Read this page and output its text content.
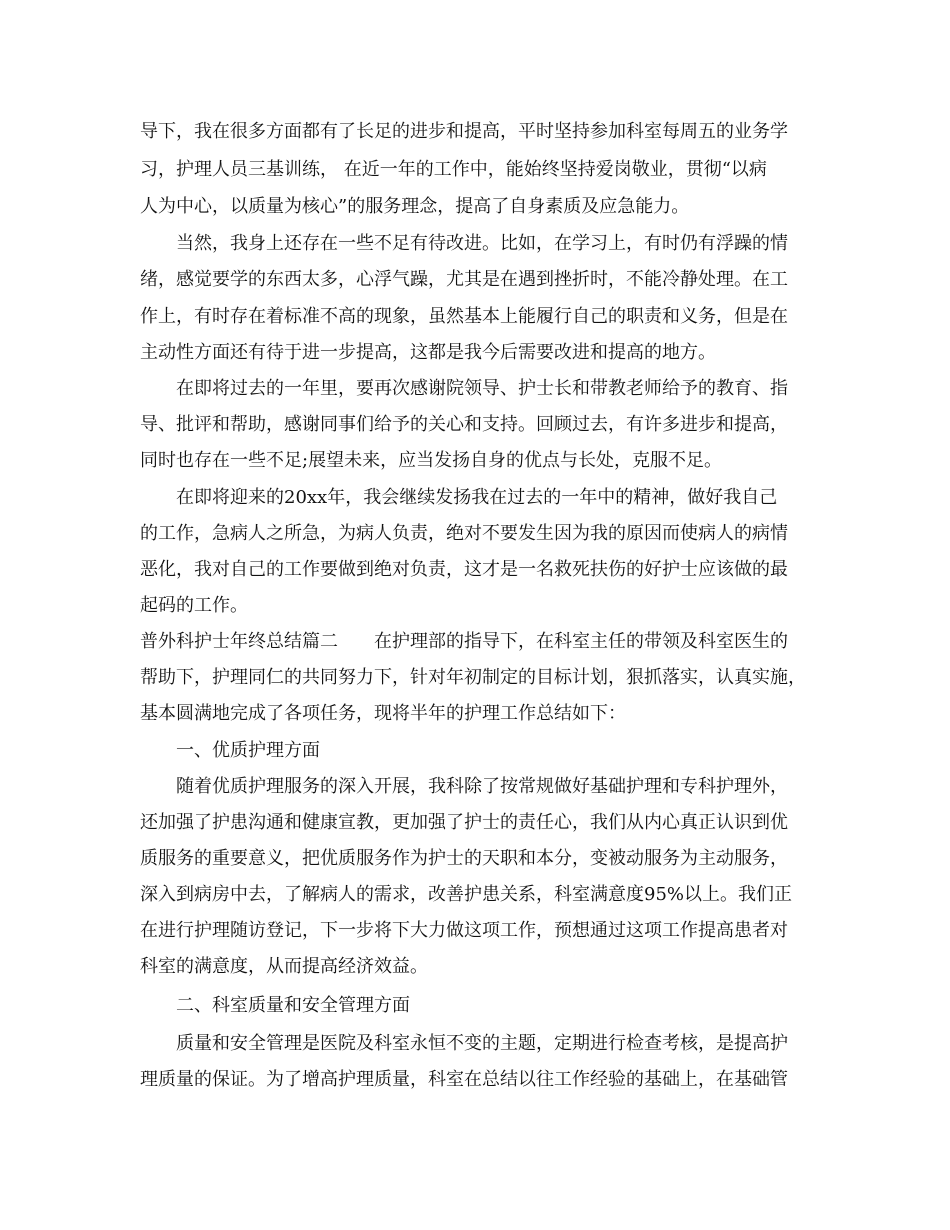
导下，我在很多方面都有了长足的进步和提高，平时坚持参加科室每周五的业务学
习，护理人员三基训练， 在近一年的工作中，能始终坚持爱岗敬业，贯彻“以病
人为中心，以质量为核心”的服务理念，提高了自身素质及应急能力。
当然，我身上还存在一些不足有待改进。比如，在学习上，有时仍有浮躁的情
绪，感觉要学的东西太多，心浮气躁，尤其是在遇到挫折时，不能冷静处理。在工
作上，有时存在着标准不高的现象，虽然基本上能履行自己的职责和义务，但是在
主动性方面还有待于进一步提高，这都是我今后需要改进和提高的地方。
在即将过去的一年里，要再次感谢院领导、护士长和带教老师给予的教育、指
导、批评和帮助，感谢同事们给予的关心和支持。回顾过去，有许多进步和提高，
同时也存在一些不足;展望未来，应当发扬自身的优点与长处，克服不足。
在即将迎来的20xx年，我会继续发扬我在过去的一年中的精神，做好我自己
的工作，急病人之所急，为病人负责，绝对不要发生因为我的原因而使病人的病情
恶化，我对自己的工作要做到绝对负责，这才是一名救死扶伤的好护士应该做的最
起码的工作。
普外科护士年终总结篇二　　在护理部的指导下，在科室主任的带领及科室医生的
帮助下，护理同仁的共同努力下，针对年初制定的目标计划，狠抓落实，认真实施，
基本圆满地完成了各项任务，现将半年的护理工作总结如下：
一、优质护理方面
随着优质护理服务的深入开展，我科除了按常规做好基础护理和专科护理外，
还加强了护患沟通和健康宣教，更加强了护士的责任心，我们从内心真正认识到优
质服务的重要意义，把优质服务作为护士的天职和本分，变被动服务为主动服务，
深入到病房中去，了解病人的需求，改善护患关系，科室满意度95%以上。我们正
在进行护理随访登记，下一步将下大力做这项工作，预想通过这项工作提高患者对
科室的满意度，从而提高经济效益。
二、科室质量和安全管理方面
质量和安全管理是医院及科室永恒不变的主题，定期进行检查考核，是提高护
理质量的保证。为了增高护理质量，科室在总结以往工作经验的基础上，在基础管
